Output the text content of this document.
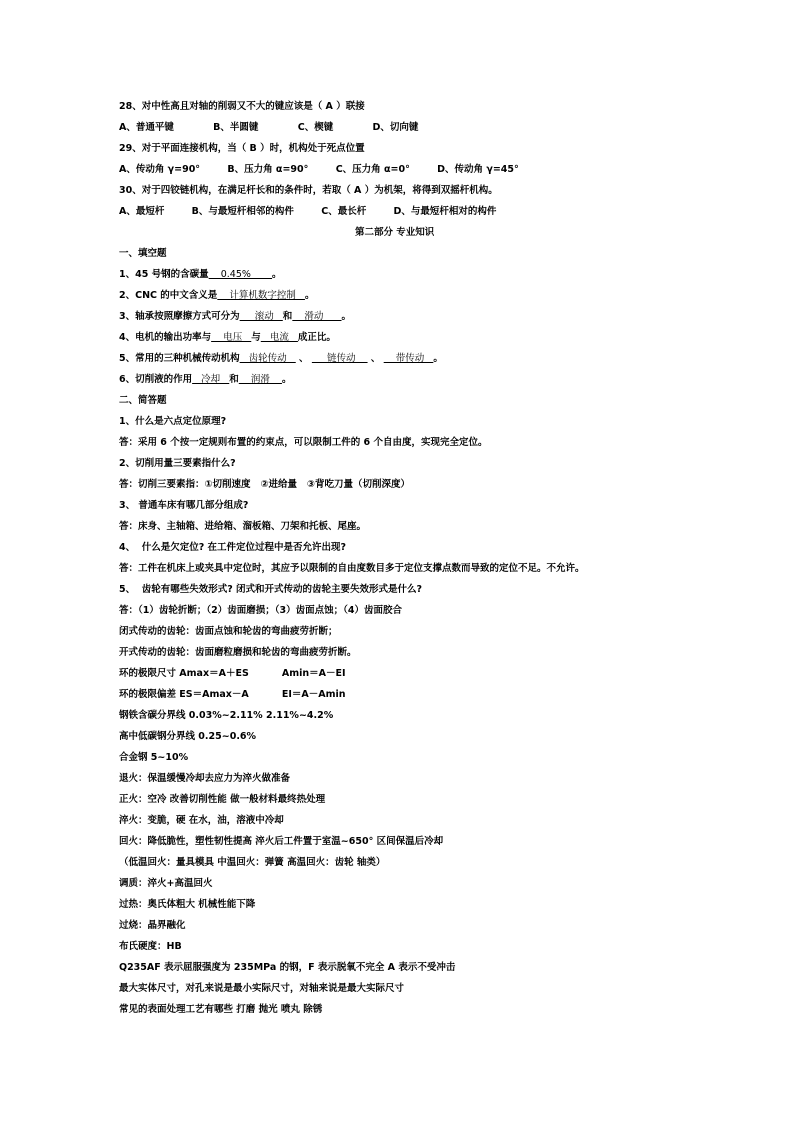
28、对中性高且对轴的削弱又不大的键应该是（ A ）联接
A、普通平键	B、半圆键	C、楔键	D、切向键
29、对于平面连接机构，当（ B ）时，机构处于死点位置
A、传动角 γ=90°	B、压力角 α=90°	C、压力角 α=0°	D、传动角 γ=45°
30、对于四铰链机构，在满足杆长和的条件时，若取（ A ）为机架，将得到双摇杆机构。
A、最短杆	B、与最短杆相邻的构件	C、最长杆	D、与最短杆相对的构件
第二部分 专业知识
一、填空题
1、45 号钢的含碳量    0.45%       。
2、CNC 的中文含义是    计算机数字控制   。
3、轴承按照摩擦方式可分为     滚动   和    滑动      。
4、电机的输出功率与    电压   与   电流   成正比。
5、常用的三种机械传动机构   齿轮传动    、      链传动     、     带传动   。
6、切削液的作用   冷却   和    润滑    。
二、简答题
1、什么是六点定位原理?
答：采用 6 个按一定规则布置的约束点，可以限制工件的 6 个自由度，实现完全定位。
2、切削用量三要素指什么?
答：切削三要素指：①切削速度   ②进给量   ③背吃刀量（切削深度）
3、 普通车床有哪几部分组成?
答：床身、主轴箱、进给箱、溜板箱、刀架和托板、尾座。
4、  什么是欠定位? 在工件定位过程中是否允许出现?
答：工件在机床上或夹具中定位时，其应予以限制的自由度数目多于定位支撑点数而导致的定位不足。不允许。
5、  齿轮有哪些失效形式? 闭式和开式传动的齿轮主要失效形式是什么?
答：（1）齿轮折断；（2）齿面磨损；（3）齿面点蚀；（4）齿面胶合
闭式传动的齿轮：齿面点蚀和轮齿的弯曲疲劳折断；
开式传动的齿轮：齿面磨粒磨损和轮齿的弯曲疲劳折断。
环的极限尺寸 Amax＝A＋ES          Amin＝A－EI
环的极限偏差 ES＝Amax－A          EI＝A－Amin
钢铁含碳分界线 0.03%~2.11% 2.11%~4.2%
高中低碳钢分界线 0.25~0.6%
合金钢 5~10%
退火：保温缓慢冷却去应力为淬火做准备
正火：空冷 改善切削性能 做一般材料最终热处理
淬火：变脆，硬 在水，油，溶液中冷却
回火：降低脆性，塑性韧性提高 淬火后工件置于室温~650° 区间保温后冷却
（低温回火：量具模具 中温回火：弹簧 高温回火：齿轮 轴类）
调质：淬火+高温回火
过热：奥氏体粗大 机械性能下降
过烧：晶界融化
布氏硬度：HB
Q235AF 表示屈服强度为 235MPa 的钢，F 表示脱氧不完全 A 表示不受冲击
最大实体尺寸，对孔来说是最小实际尺寸，对轴来说是最大实际尺寸
常见的表面处理工艺有哪些 打磨 抛光 喷丸 除锈
